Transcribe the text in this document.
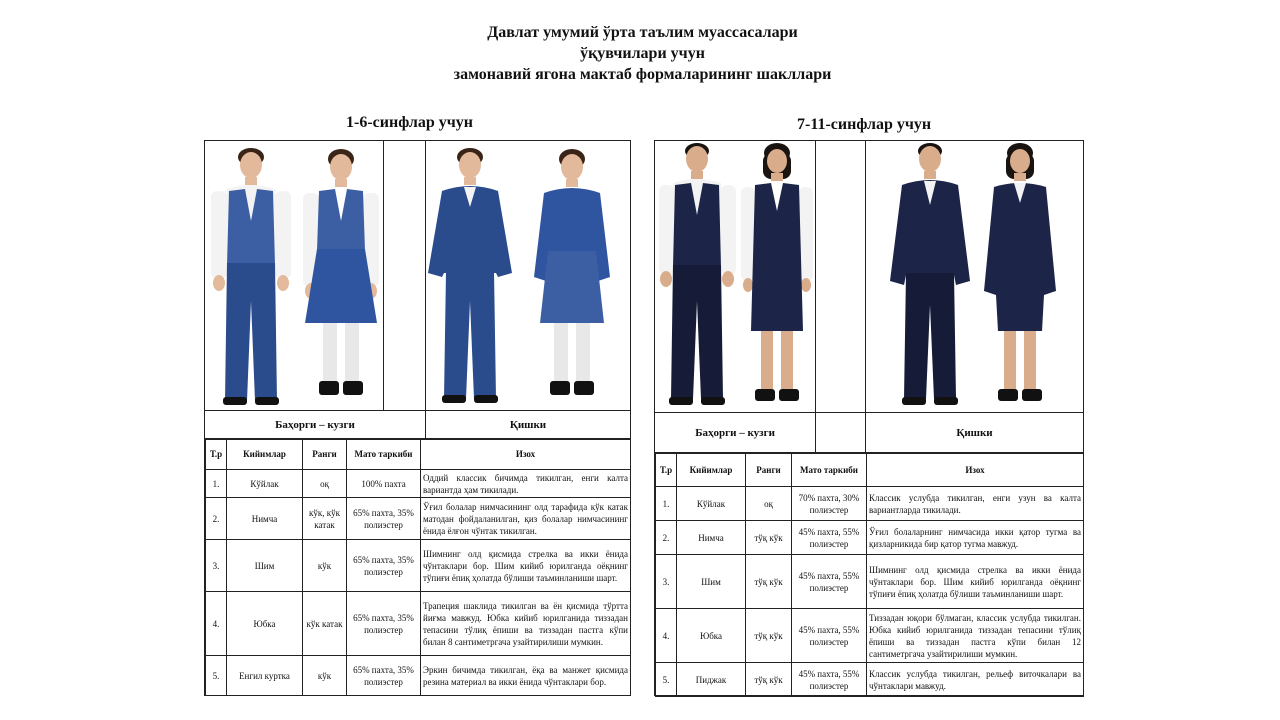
Давлат умумий ўрта таълим муассасалари
ўқувчилари учун
замонавий ягона мактаб формаларининг шакллари
1-6-синфлар учун	7-11-синфлар учун
Баҳорги – кузги	Қишки
Т.р	Кийимлар	Ранги	Мато таркиби	Изох
1.	Кўйлак	оқ	100% пахта	Оддий классик бичимда тикилган, енги калта вариантда ҳам тикилади.
2.	Нимча	кўк, кўк катак	65% пахта, 35% полиэстер	Ўғил болалар нимчасининг олд тарафида кўк катак матодан фойдаланилган, қиз болалар нимчасининг ёнида ёлғон чўнтак тикилган.
3.	Шим	кўк	65% пахта, 35% полиэстер	Шимнинг олд қисмида стрелка ва икки ёнида чўнтаклари бор. Шим кийиб юрилганда оёқнинг тўпиғи ёпиқ ҳолатда бўлиши таъминланиши шарт.
4.	Юбка	кўк катак	65% пахта, 35% полиэстер	Трапеция шаклида тикилган ва ён қисмида тўртта йиғма мавжуд. Юбка кийиб юрилганида тиззадан тепасини тўлиқ ёпиши ва тиззадан пастга кўпи билан 8 сантиметргача узайтирилиши мумкин.
5.	Енгил куртка	кўк	65% пахта, 35% полиэстер	Эркин бичимда тикилган, ёқа ва манжет қисмида резина материал ва икки ёнида чўнтаклари бор.
Баҳорги – кузги	Қишки
Т.р	Кийимлар	Ранги	Мато таркиби	Изох
1.	Кўйлак	оқ	70% пахта, 30% полиэстер	Классик услубда тикилган, енги узун ва калта вариантларда тикилади.
2.	Нимча	тўқ кўк	45% пахта, 55% полиэстер	Ўғил болаларнинг нимчасида икки қатор тугма ва қизларникида бир қатор тугма мавжуд.
3.	Шим	тўқ кўк	45% пахта, 55% полиэстер	Шимнинг олд қисмида стрелка ва икки ёнида чўнтаклари бор. Шим кийиб юрилганда оёқнинг тўпиғи ёпиқ ҳолатда бўлиши таъминланиши шарт.
4.	Юбка	тўқ кўк	45% пахта, 55% полиэстер	Тиззадан юқори бўлмаган, классик услубда тикилган. Юбка кийиб юрилганида тиззадан тепасини тўлиқ ёпиши ва тиззадан пастга кўпи билан 12 сантиметргача узайтирилиши мумкин.
5.	Пиджак	тўқ кўк	45% пахта, 55% полиэстер	Классик услубда тикилган, рельеф виточкалари ва чўнтаклари мавжуд.
